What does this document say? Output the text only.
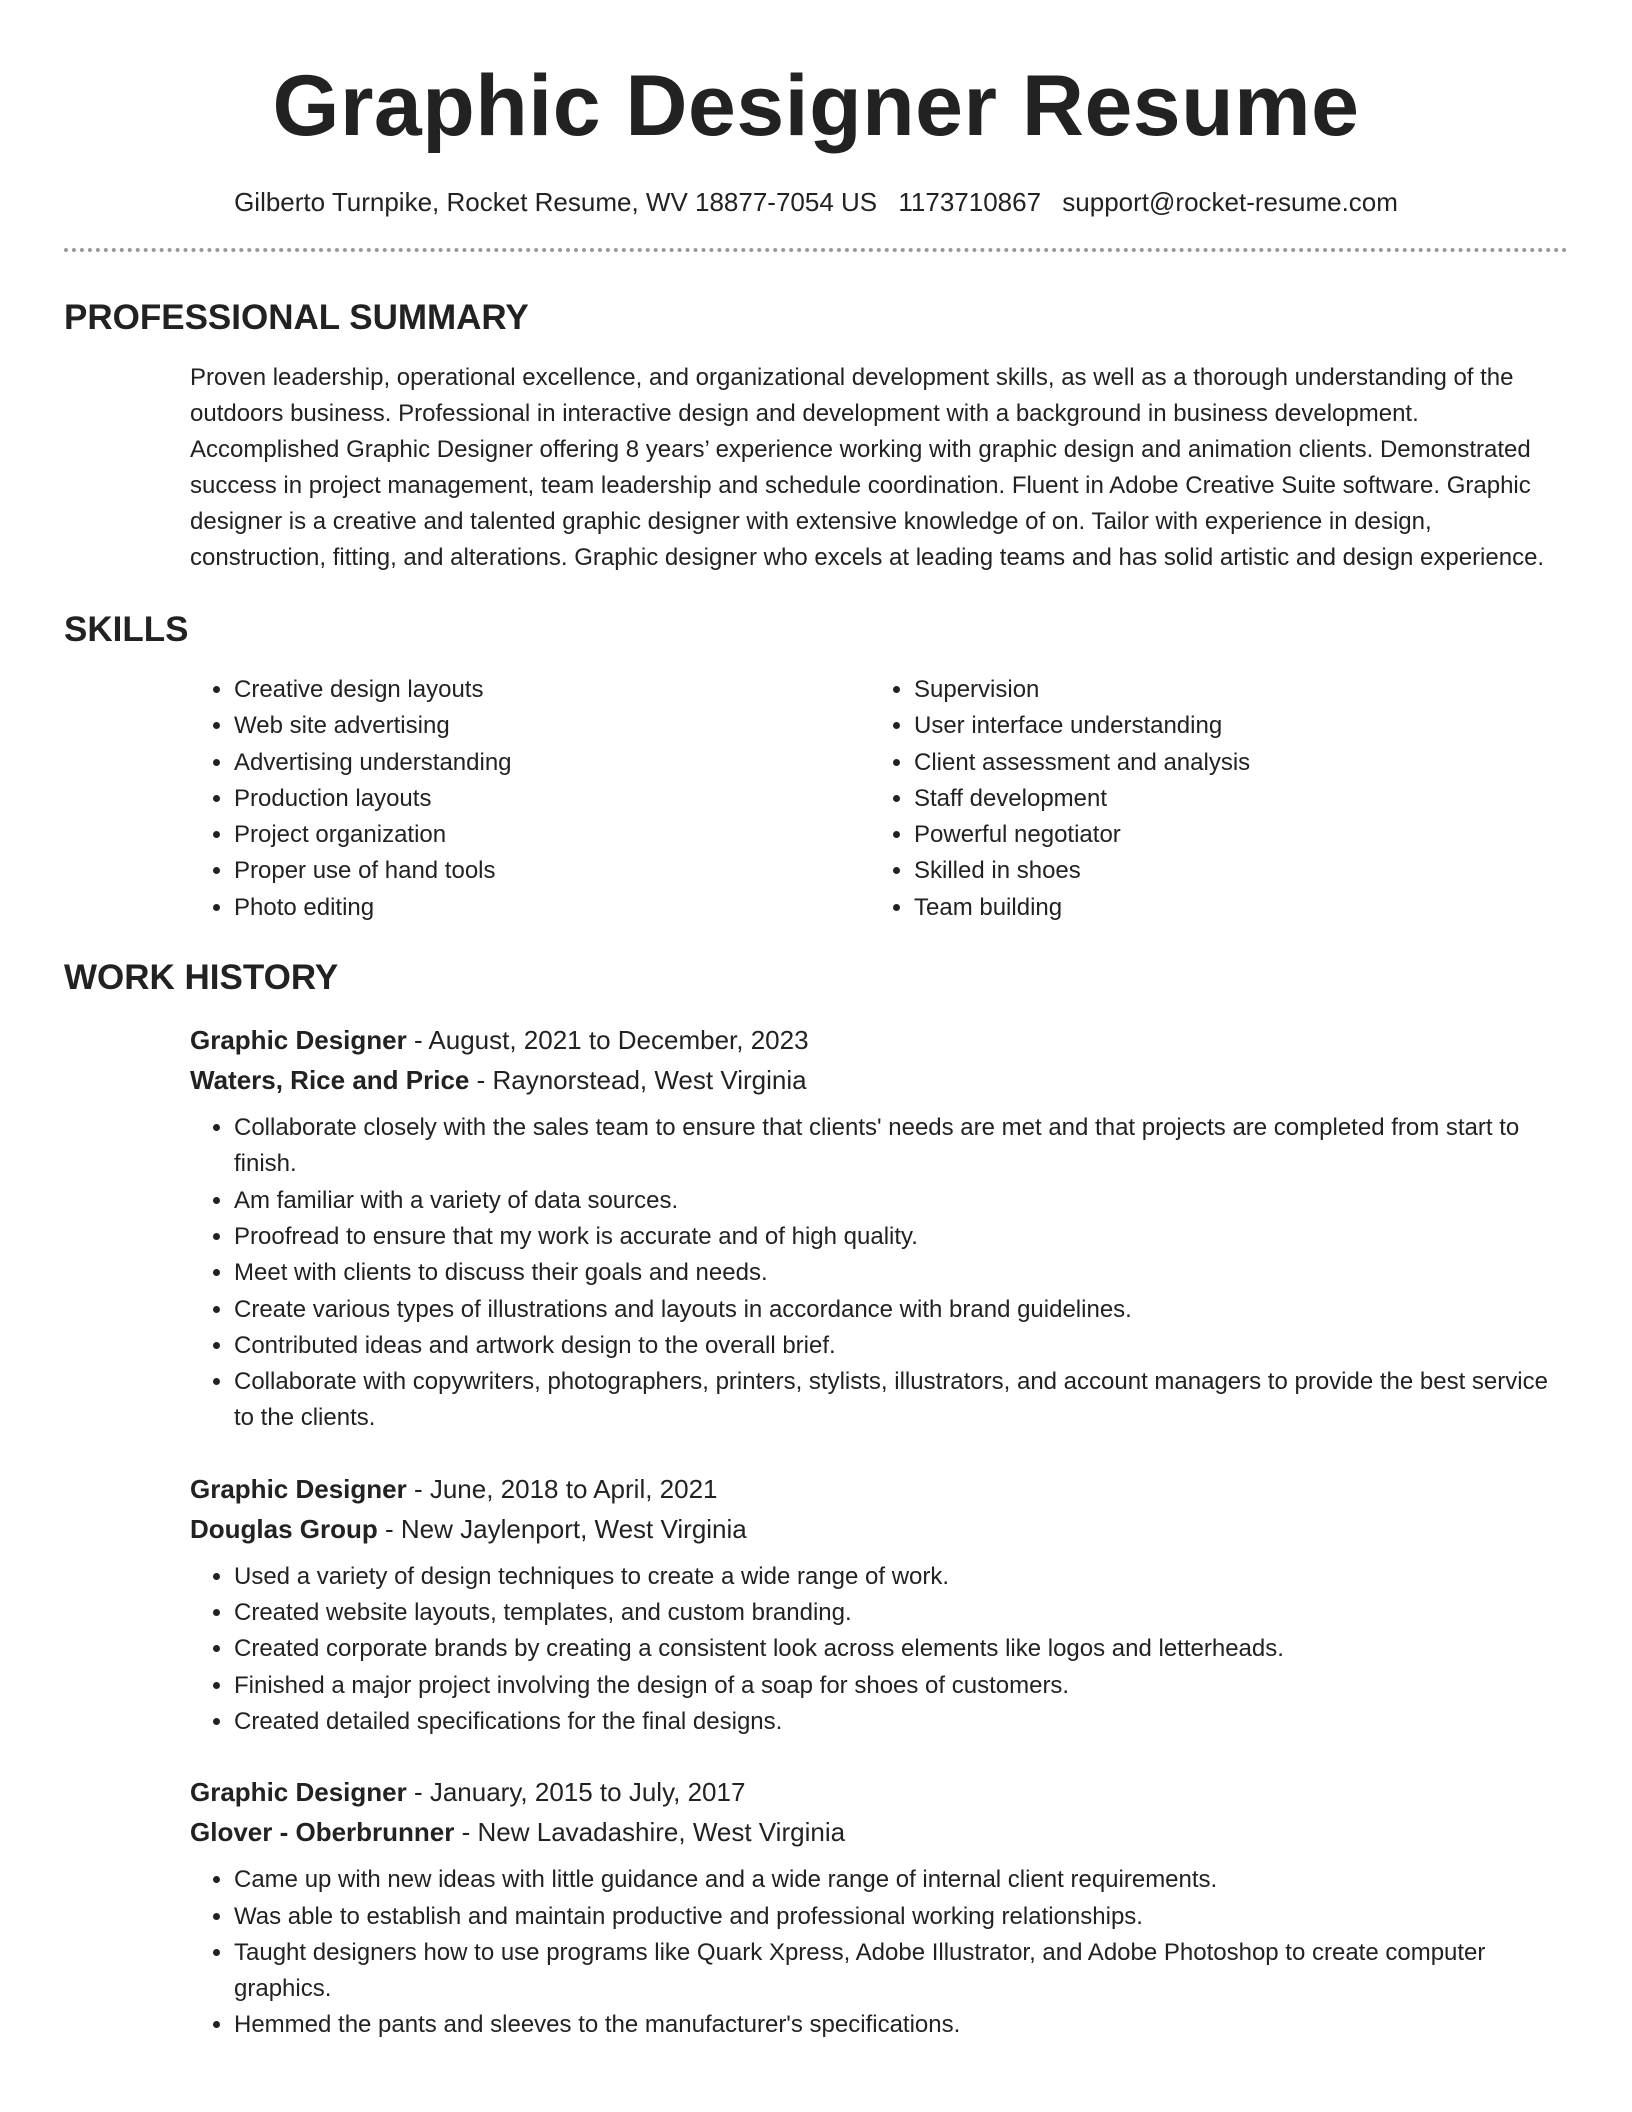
Graphic Designer Resume
Gilberto Turnpike, Rocket Resume, WV 18877-7054 US 1173710867 support@rocket-resume.com
PROFESSIONAL SUMMARY

Proven leadership, operational excellence, and organizational development skills, as well as a thorough understanding of the outdoors business. Professional in interactive design and development with a background in business development. Accomplished Graphic Designer offering 8 years’ experience working with graphic design and animation clients. Demonstrated success in project management, team leadership and schedule coordination. Fluent in Adobe Creative Suite software. Graphic designer is a creative and talented graphic designer with extensive knowledge of on. Tailor with experience in design, construction, fitting, and alterations. Graphic designer who excels at leading teams and has solid artistic and design experience.

SKILLS
• Creative design layouts
• Web site advertising
• Advertising understanding
• Production layouts
• Project organization
• Proper use of hand tools
• Photo editing
• Supervision
• User interface understanding
• Client assessment and analysis
• Staff development
• Powerful negotiator
• Skilled in shoes
• Team building
WORK HISTORY
Graphic Designer - August, 2021 to December, 2023
Waters, Rice and Price - Raynorstead, West Virginia
• Collaborate closely with the sales team to ensure that clients' needs are met and that projects are completed from start to finish.
• Am familiar with a variety of data sources.
• Proofread to ensure that my work is accurate and of high quality.
• Meet with clients to discuss their goals and needs.
• Create various types of illustrations and layouts in accordance with brand guidelines.
• Contributed ideas and artwork design to the overall brief.
• Collaborate with copywriters, photographers, printers, stylists, illustrators, and account managers to provide the best service to the clients.
Graphic Designer - June, 2018 to April, 2021
Douglas Group - New Jaylenport, West Virginia
• Used a variety of design techniques to create a wide range of work.
• Created website layouts, templates, and custom branding.
• Created corporate brands by creating a consistent look across elements like logos and letterheads.
• Finished a major project involving the design of a soap for shoes of customers.
• Created detailed specifications for the final designs.
Graphic Designer - January, 2015 to July, 2017
Glover - Oberbrunner - New Lavadashire, West Virginia
• Came up with new ideas with little guidance and a wide range of internal client requirements.
• Was able to establish and maintain productive and professional working relationships.
• Taught designers how to use programs like Quark Xpress, Adobe Illustrator, and Adobe Photoshop to create computer graphics.
• Hemmed the pants and sleeves to the manufacturer's specifications.
